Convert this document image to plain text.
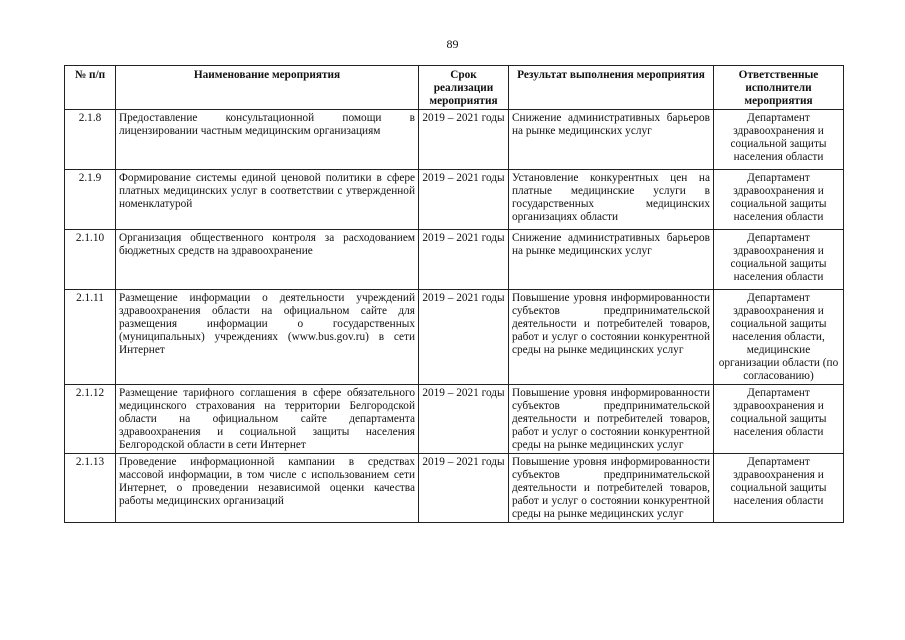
89
№ п/п	Наименование мероприятия	Срок реализации мероприятия	Результат выполнения мероприятия	Ответственные исполнители мероприятия
2.1.8	Предоставление консультационной помощи в лицензировании частным медицинским организациям	2019 – 2021 годы	Снижение административных барьеров на рынке медицинских услуг	Департамент здравоохранения и социальной защиты населения области
2.1.9	Формирование системы единой ценовой политики в сфере платных медицинских услуг в соответствии с утвержденной номенклатурой	2019 – 2021 годы	Установление конкурентных цен на платные медицинские услуги в государственных медицинских организациях области	Департамент здравоохранения и социальной защиты населения области
2.1.10	Организация общественного контроля за расходованием бюджетных средств на здравоохранение	2019 – 2021 годы	Снижение административных барьеров на рынке медицинских услуг	Департамент здравоохранения и социальной защиты населения области
2.1.11	Размещение информации о деятельности учреждений здравоохранения области на официальном сайте для размещения информации о государственных (муниципальных) учреждениях (www.bus.gov.ru) в сети Интернет	2019 – 2021 годы	Повышение уровня информированности субъектов предпринимательской деятельности и потребителей товаров, работ и услуг о состоянии конкурентной среды на рынке медицинских услуг	Департамент здравоохранения и социальной защиты населения области, медицинские организации области (по согласованию)
2.1.12	Размещение тарифного соглашения в сфере обязательного медицинского страхования на территории Белгородской области на официальном сайте департамента здравоохранения и социальной защиты населения Белгородской области в сети Интернет	2019 – 2021 годы	Повышение уровня информированности субъектов предпринимательской деятельности и потребителей товаров, работ и услуг о состоянии конкурентной среды на рынке медицинских услуг	Департамент здравоохранения и социальной защиты населения области
2.1.13	Проведение информационной кампании в средствах массовой информации, в том числе с использованием сети Интернет, о проведении независимой оценки качества работы медицинских организаций	2019 – 2021 годы	Повышение уровня информированности субъектов предпринимательской деятельности и потребителей товаров, работ и услуг о состоянии конкурентной среды на рынке медицинских услуг	Департамент здравоохранения и социальной защиты населения области
